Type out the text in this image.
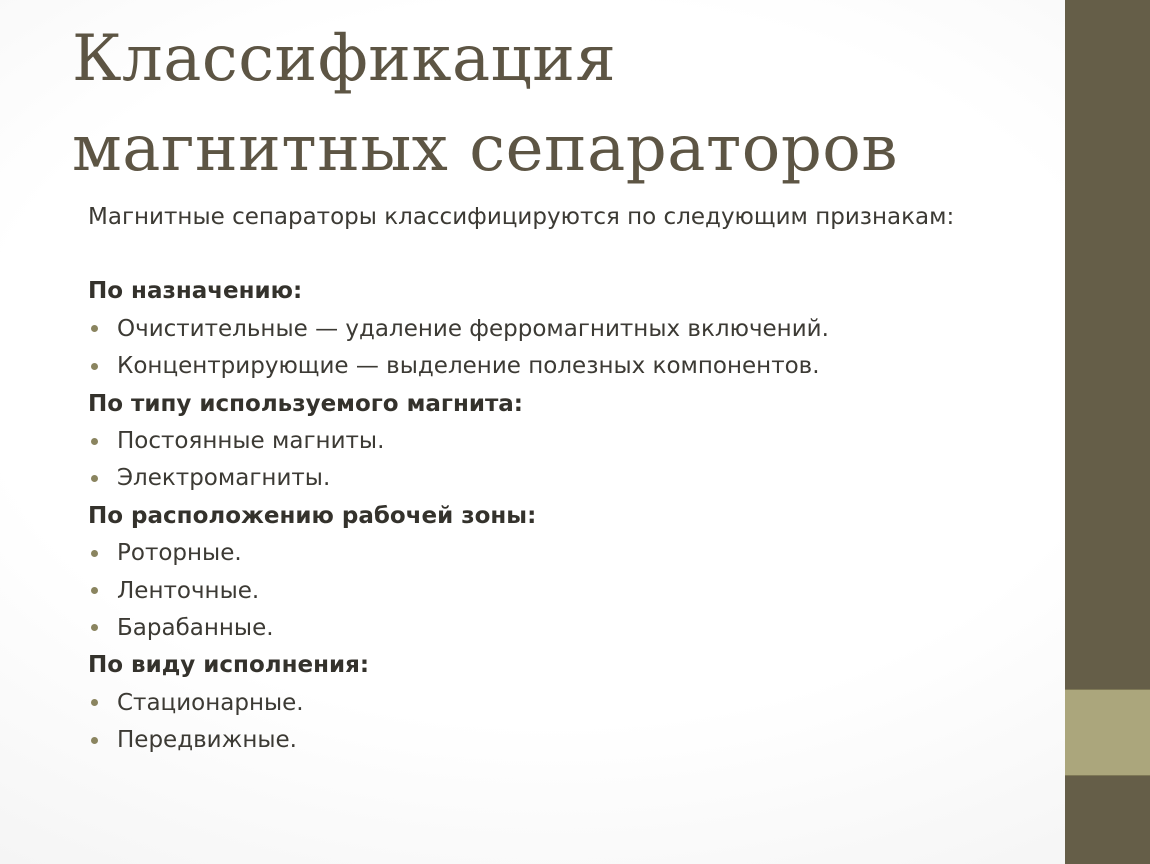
Классификация магнитных сепараторов
Магнитные сепараторы классифицируются по следующим признакам:
По назначению:
Очистительные — удаление ферромагнитных включений.
Концентрирующие — выделение полезных компонентов.
По типу используемого магнита:
Постоянные магниты.
Электромагниты.
По расположению рабочей зоны:
Роторные.
Ленточные.
Барабанные.
По виду исполнения:
Стационарные.
Передвижные.
